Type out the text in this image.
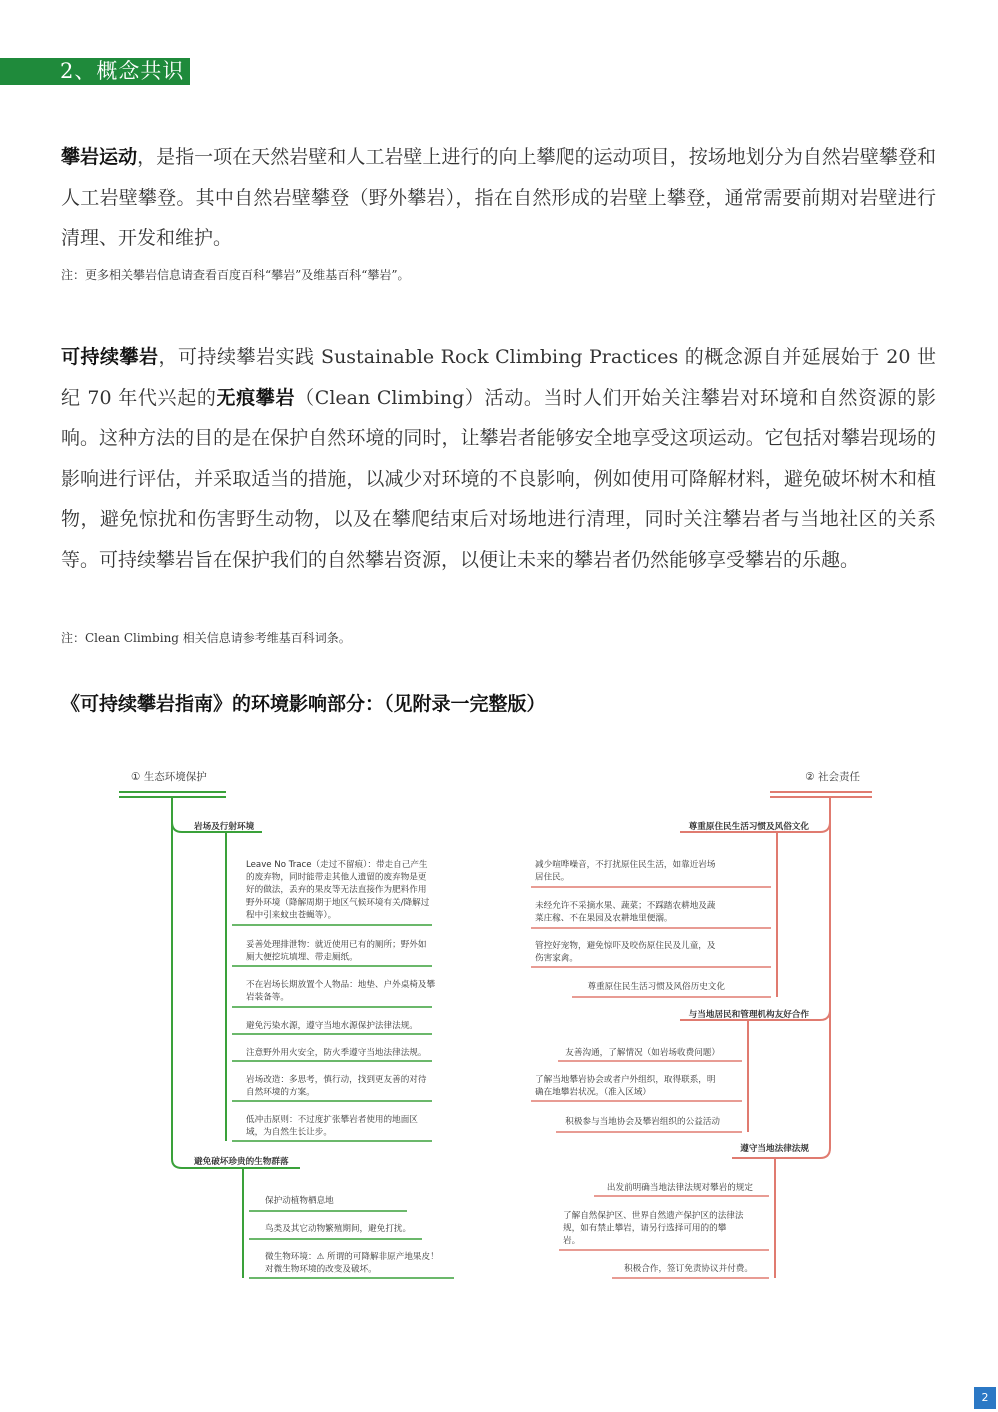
2、概念共识

攀岩运动，是指一项在天然岩壁和人工岩壁上进行的向上攀爬的运动项目，按场地划分为自然岩壁攀登和人工岩壁攀登。其中自然岩壁攀登（野外攀岩），指在自然形成的岩壁上攀登，通常需要前期对岩壁进行清理、开发和维护。

注：更多相关攀岩信息请查看百度百科“攀岩”及维基百科“攀岩”。

可持续攀岩，可持续攀岩实践 Sustainable Rock Climbing Practices 的概念源自并延展始于 20 世纪 70 年代兴起的无痕攀岩（Clean Climbing）活动。当时人们开始关注攀岩对环境和自然资源的影响。这种方法的目的是在保护自然环境的同时，让攀岩者能够安全地享受这项运动。它包括对攀岩现场的影响进行评估，并采取适当的措施，以减少对环境的不良影响，例如使用可降解材料，避免破坏树木和植物，避免惊扰和伤害野生动物，以及在攀爬结束后对场地进行清理，同时关注攀岩者与当地社区的关系等。可持续攀岩旨在保护我们的自然攀岩资源，以便让未来的攀岩者仍然能够享受攀岩的乐趣。

注：Clean Climbing 相关信息请参考维基百科词条。

《可持续攀岩指南》的环境影响部分：（见附录一完整版）
① 生态环境保护
岩场及行射环境
Leave No Trace（走过不留痕）：带走自己产生的废弃物，同时能带走其他人遗留的废弃物是更好的做法，丢弃的果皮等无法直接作为肥料作用野外环境（降解周期于地区气候环境有关/降解过程中引来蚊虫苍蝇等）。
妥善处理排泄物：就近使用已有的厕所；野外如厕大便挖坑填埋、带走厕纸。
不在岩场长期放置个人物品：地垫、户外桌椅及攀岩装备等。
避免污染水源，遵守当地水源保护法律法规。
注意野外用火安全，防火季遵守当地法律法规。
岩场改造：多思考，慎行动，找到更友善的对待自然环境的方案。
低冲击原则：不过度扩张攀岩者使用的地面区域，为自然生长让步。
避免破坏珍贵的生物群落
保护动植物栖息地
鸟类及其它动物繁殖期间，避免打扰。
微生物环境：⚠ 所谓的可降解非原产地果皮！对微生物环境的改变及破坏。
② 社会责任
尊重原住民生活习惯及风俗文化
减少喧哗噪音，不打扰原住民生活，如靠近岩场居住民。
未经允许不采摘水果、蔬菜；不踩踏农耕地及蔬菜庄稼、不在果园及农耕地里便溺。
管控好宠物，避免惊吓及咬伤原住民及儿童，及伤害家禽。
尊重原住民生活习惯及风俗历史文化
与当地居民和管理机构友好合作
友善沟通，了解情况（如岩场收费问题）
了解当地攀岩协会或者户外组织，取得联系，明确在地攀岩状况。（准入区域）
积极参与当地协会及攀岩组织的公益活动
遵守当地法律法规
出发前明确当地法律法规对攀岩的规定
了解自然保护区、世界自然遗产保护区的法律法规，如有禁止攀岩，请另行选择可用的的攀岩。
积极合作，签订免责协议并付费。
2
